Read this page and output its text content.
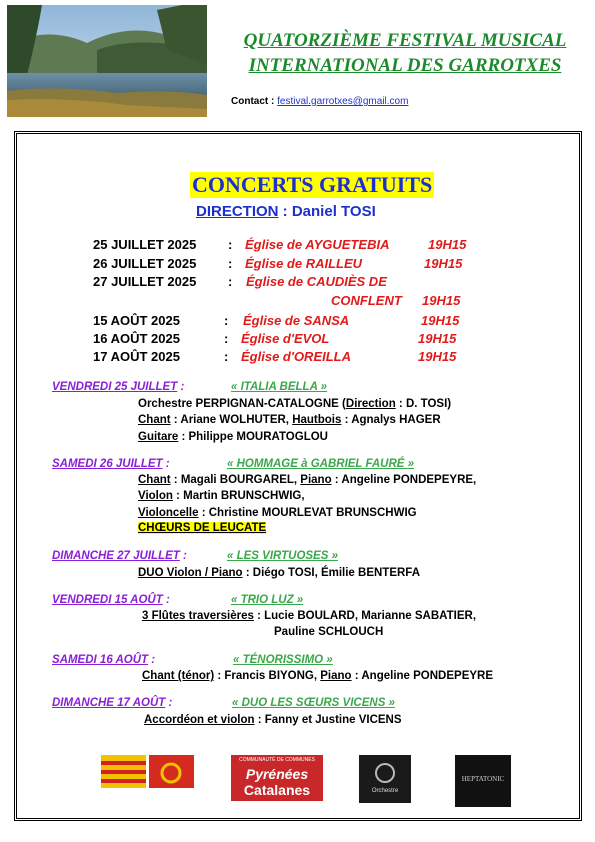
QUATORZIÈME FESTIVAL MUSICAL
INTERNATIONAL DES GARROTXES
Contact : festival.garrotxes@gmail.com
CONCERTS GRATUITS
DIRECTION : Daniel TOSI
25 JUILLET 2025 : Église de AYGUETEBIA	19H15
26 JUILLET 2025 : Église de RAILLEU	19H15
27 JUILLET 2025 : Église de CAUDIÈS DE
CONFLENT 19H15
15 AOÛT 2025	: Église de SANSA	19H15
16 AOÛT 2025	: Église d'EVOL	19H15
17 AOÛT 2025	: Église d'OREILLA	19H15
VENDREDI 25 JUILLET :	« ITALIA BELLA »
Orchestre PERPIGNAN-CATALOGNE (Direction : D. TOSI)
Chant : Ariane WOLHUTER, Hautbois : Agnalys HAGER
Guitare : Philippe MOURATOGLOU
SAMEDI 26 JUILLET :	« HOMMAGE à GABRIEL FAURÉ »
Chant : Magali BOURGAREL, Piano : Angeline PONDEPEYRE,
Violon : Martin BRUNSCHWIG,
Violoncelle : Christine MOURLEVAT BRUNSCHWIG
CHŒURS DE LEUCATE
DIMANCHE 27 JUILLET :	« LES VIRTUOSES »
DUO Violon / Piano : Diégo TOSI, Émilie BENTERFA
VENDREDI 15 AOÛT :	« TRIO LUZ »
3 Flûtes traversières : Lucie BOULARD, Marianne SABATIER,
Pauline SCHLOUCH
SAMEDI 16 AOÛT :	« TÉNORISSIMO »
Chant (ténor) : Francis BIYONG, Piano : Angeline PONDEPEYRE
DIMANCHE 17 AOÛT :	« DUO LES SŒURS VICENS »
Accordéon et violon : Fanny et Justine VICENS
COMMUNAUTÉ DE COMMUNES
Pyrénées
Catalanes	Orchestre
HEPTATONIC
